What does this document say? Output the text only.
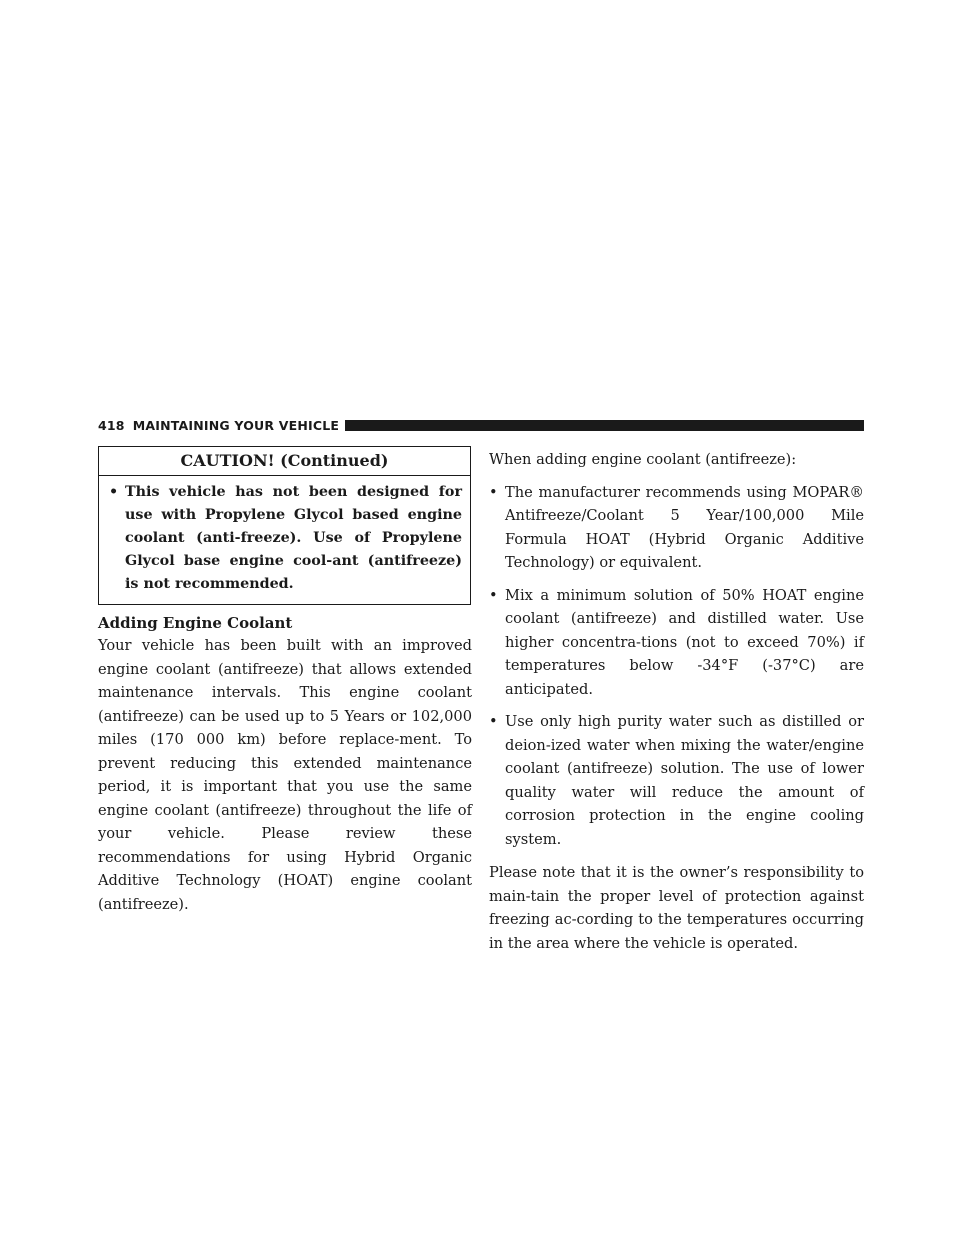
418 MAINTAINING YOUR VEHICLE
CAUTION! (Continued)
• This vehicle has not been designed for use with Propylene Glycol based engine coolant (anti-freeze). Use of Propylene Glycol base engine cool-ant (antifreeze) is not recommended.
Adding Engine Coolant

Your vehicle has been built with an improved engine coolant (antifreeze) that allows extended maintenance intervals. This engine coolant (antifreeze) can be used up to 5 Years or 102,000 miles (170 000 km) before replace-ment. To prevent reducing this extended maintenance period, it is important that you use the same engine coolant (antifreeze) throughout the life of your vehicle. Please review these recommendations for using Hybrid Organic Additive Technology (HOAT) engine coolant (antifreeze).

When adding engine coolant (antifreeze):

• The manufacturer recommends using MOPAR® Antifreeze/Coolant 5 Year/100,000 Mile Formula HOAT (Hybrid Organic Additive Technology) or equivalent.
• Mix a minimum solution of 50% HOAT engine coolant (antifreeze) and distilled water. Use higher concentra-tions (not to exceed 70%) if temperatures below -34°F (-37°C) are anticipated.
• Use only high purity water such as distilled or deion-ized water when mixing the water/engine coolant (antifreeze) solution. The use of lower quality water will reduce the amount of corrosion protection in the engine cooling system.

Please note that it is the owner’s responsibility to main-tain the proper level of protection against freezing ac-cording to the temperatures occurring in the area where the vehicle is operated.
